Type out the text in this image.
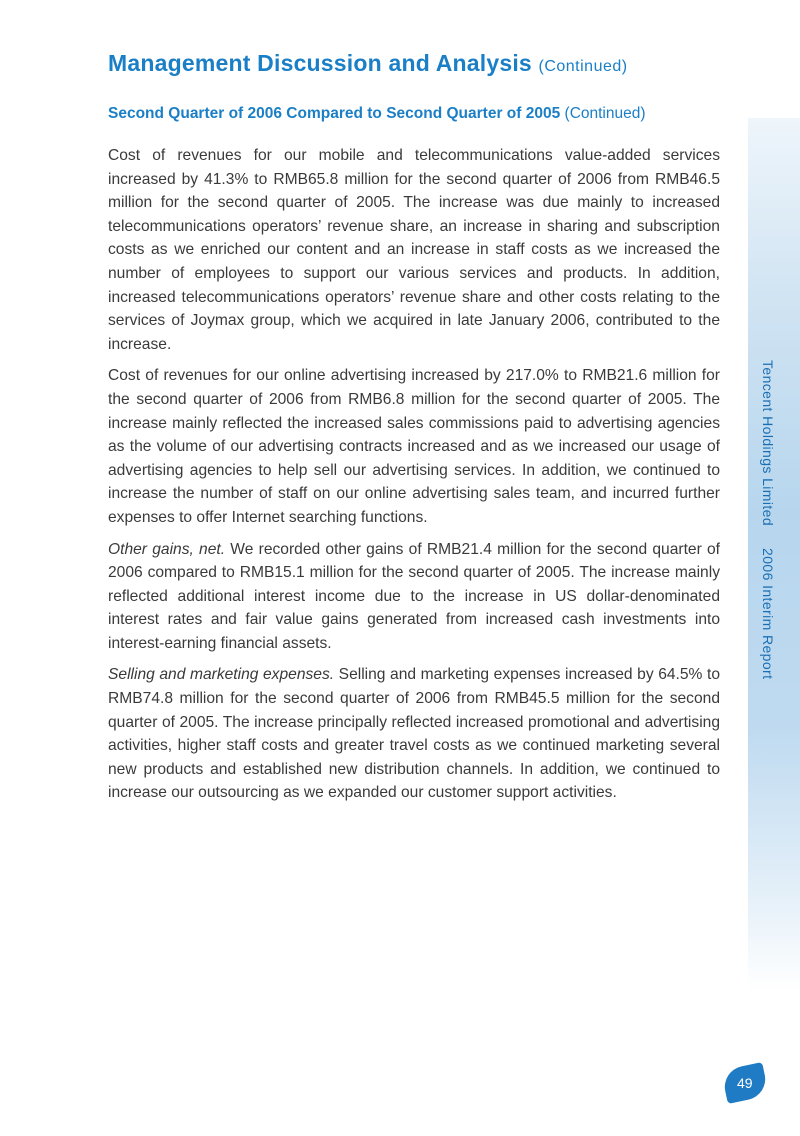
Management Discussion and Analysis (Continued)
Second Quarter of 2006 Compared to Second Quarter of 2005 (Continued)

Cost of revenues for our mobile and telecommunications value-added services increased by 41.3% to RMB65.8 million for the second quarter of 2006 from RMB46.5 million for the second quarter of 2005. The increase was due mainly to increased telecommunications operators’ revenue share, an increase in sharing and subscription costs as we enriched our content and an increase in staff costs as we increased the number of employees to support our various services and products. In addition, increased telecommunications operators’ revenue share and other costs relating to the services of Joymax group, which we acquired in late January 2006, contributed to the increase.

Cost of revenues for our online advertising increased by 217.0% to RMB21.6 million for the second quarter of 2006 from RMB6.8 million for the second quarter of 2005. The increase mainly reflected the increased sales commissions paid to advertising agencies as the volume of our advertising contracts increased and as we increased our usage of advertising agencies to help sell our advertising services. In addition, we continued to increase the number of staff on our online advertising sales team, and incurred further expenses to offer Internet searching functions.

Other gains, net. We recorded other gains of RMB21.4 million for the second quarter of 2006 compared to RMB15.1 million for the second quarter of 2005. The increase mainly reflected additional interest income due to the increase in US dollar-denominated interest rates and fair value gains generated from increased cash investments into interest-earning financial assets.

Selling and marketing expenses. Selling and marketing expenses increased by 64.5% to RMB74.8 million for the second quarter of 2006 from RMB45.5 million for the second quarter of 2005. The increase principally reflected increased promotional and advertising activities, higher staff costs and greater travel costs as we continued marketing several new products and established new distribution channels. In addition, we continued to increase our outsourcing as we expanded our customer support activities.

Tencent Holdings Limited2006 Interim Report
49
